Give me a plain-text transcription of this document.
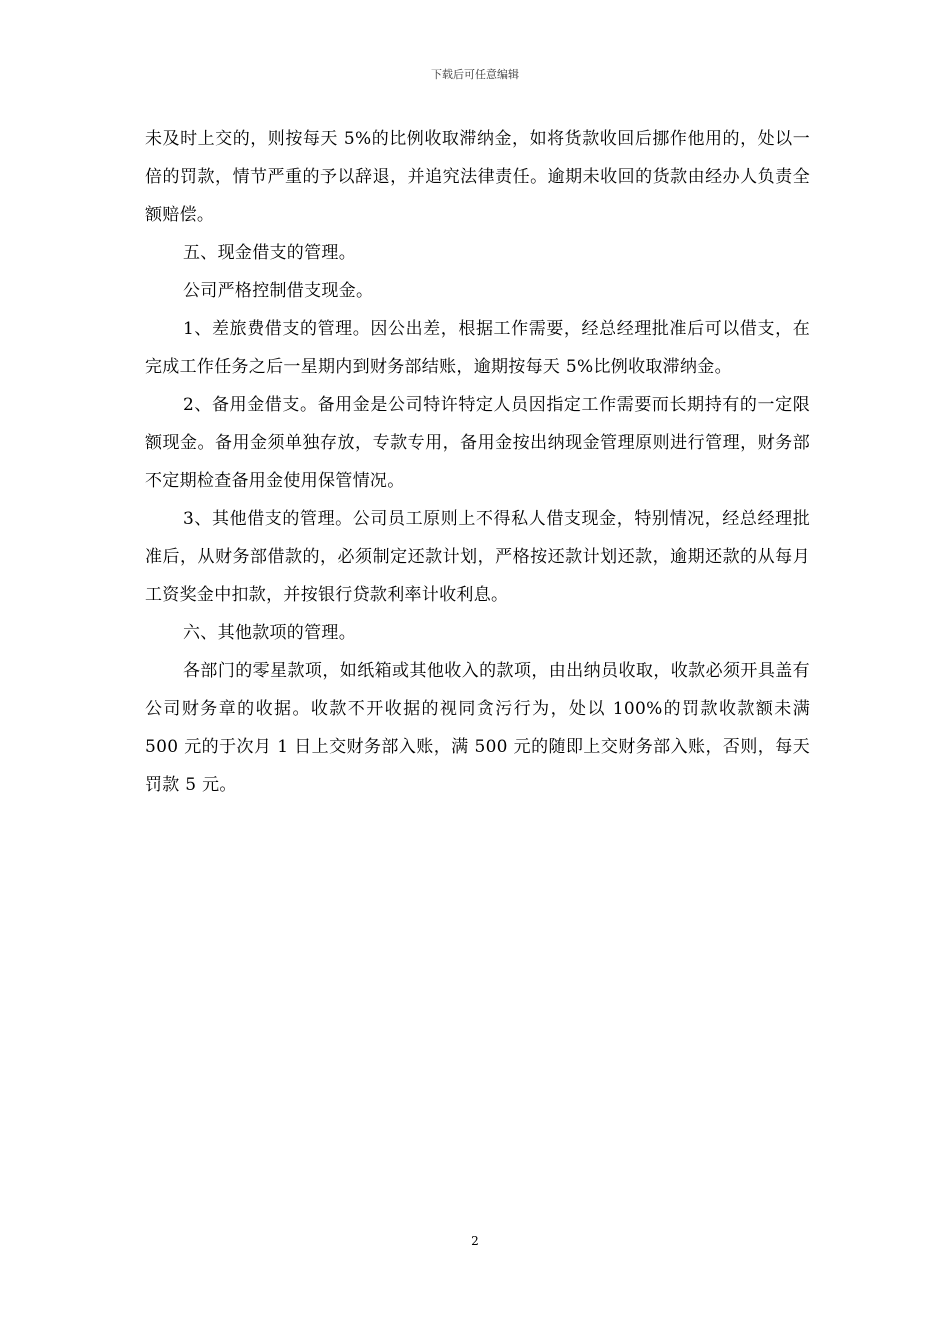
下载后可任意编辑

未及时上交的，则按每天 5%的比例收取滞纳金，如将货款收回后挪作他用的，处以一倍的罚款，情节严重的予以辞退，并追究法律责任。逾期未收回的货款由经办人负责全额赔偿。

五、现金借支的管理。

公司严格控制借支现金。

1、差旅费借支的管理。因公出差，根据工作需要，经总经理批准后可以借支，在完成工作任务之后一星期内到财务部结账，逾期按每天 5%比例收取滞纳金。

2、备用金借支。备用金是公司特许特定人员因指定工作需要而长期持有的一定限额现金。备用金须单独存放，专款专用，备用金按出纳现金管理原则进行管理，财务部不定期检查备用金使用保管情况。

3、其他借支的管理。公司员工原则上不得私人借支现金，特别情况，经总经理批准后，从财务部借款的，必须制定还款计划，严格按还款计划还款，逾期还款的从每月工资奖金中扣款，并按银行贷款利率计收利息。

六、其他款项的管理。

各部门的零星款项，如纸箱或其他收入的款项，由出纳员收取，收款必须开具盖有公司财务章的收据。收款不开收据的视同贪污行为，处以 100%的罚款收款额未满 500 元的于次月 1 日上交财务部入账，满 500 元的随即上交财务部入账，否则，每天罚款 5 元。

2
